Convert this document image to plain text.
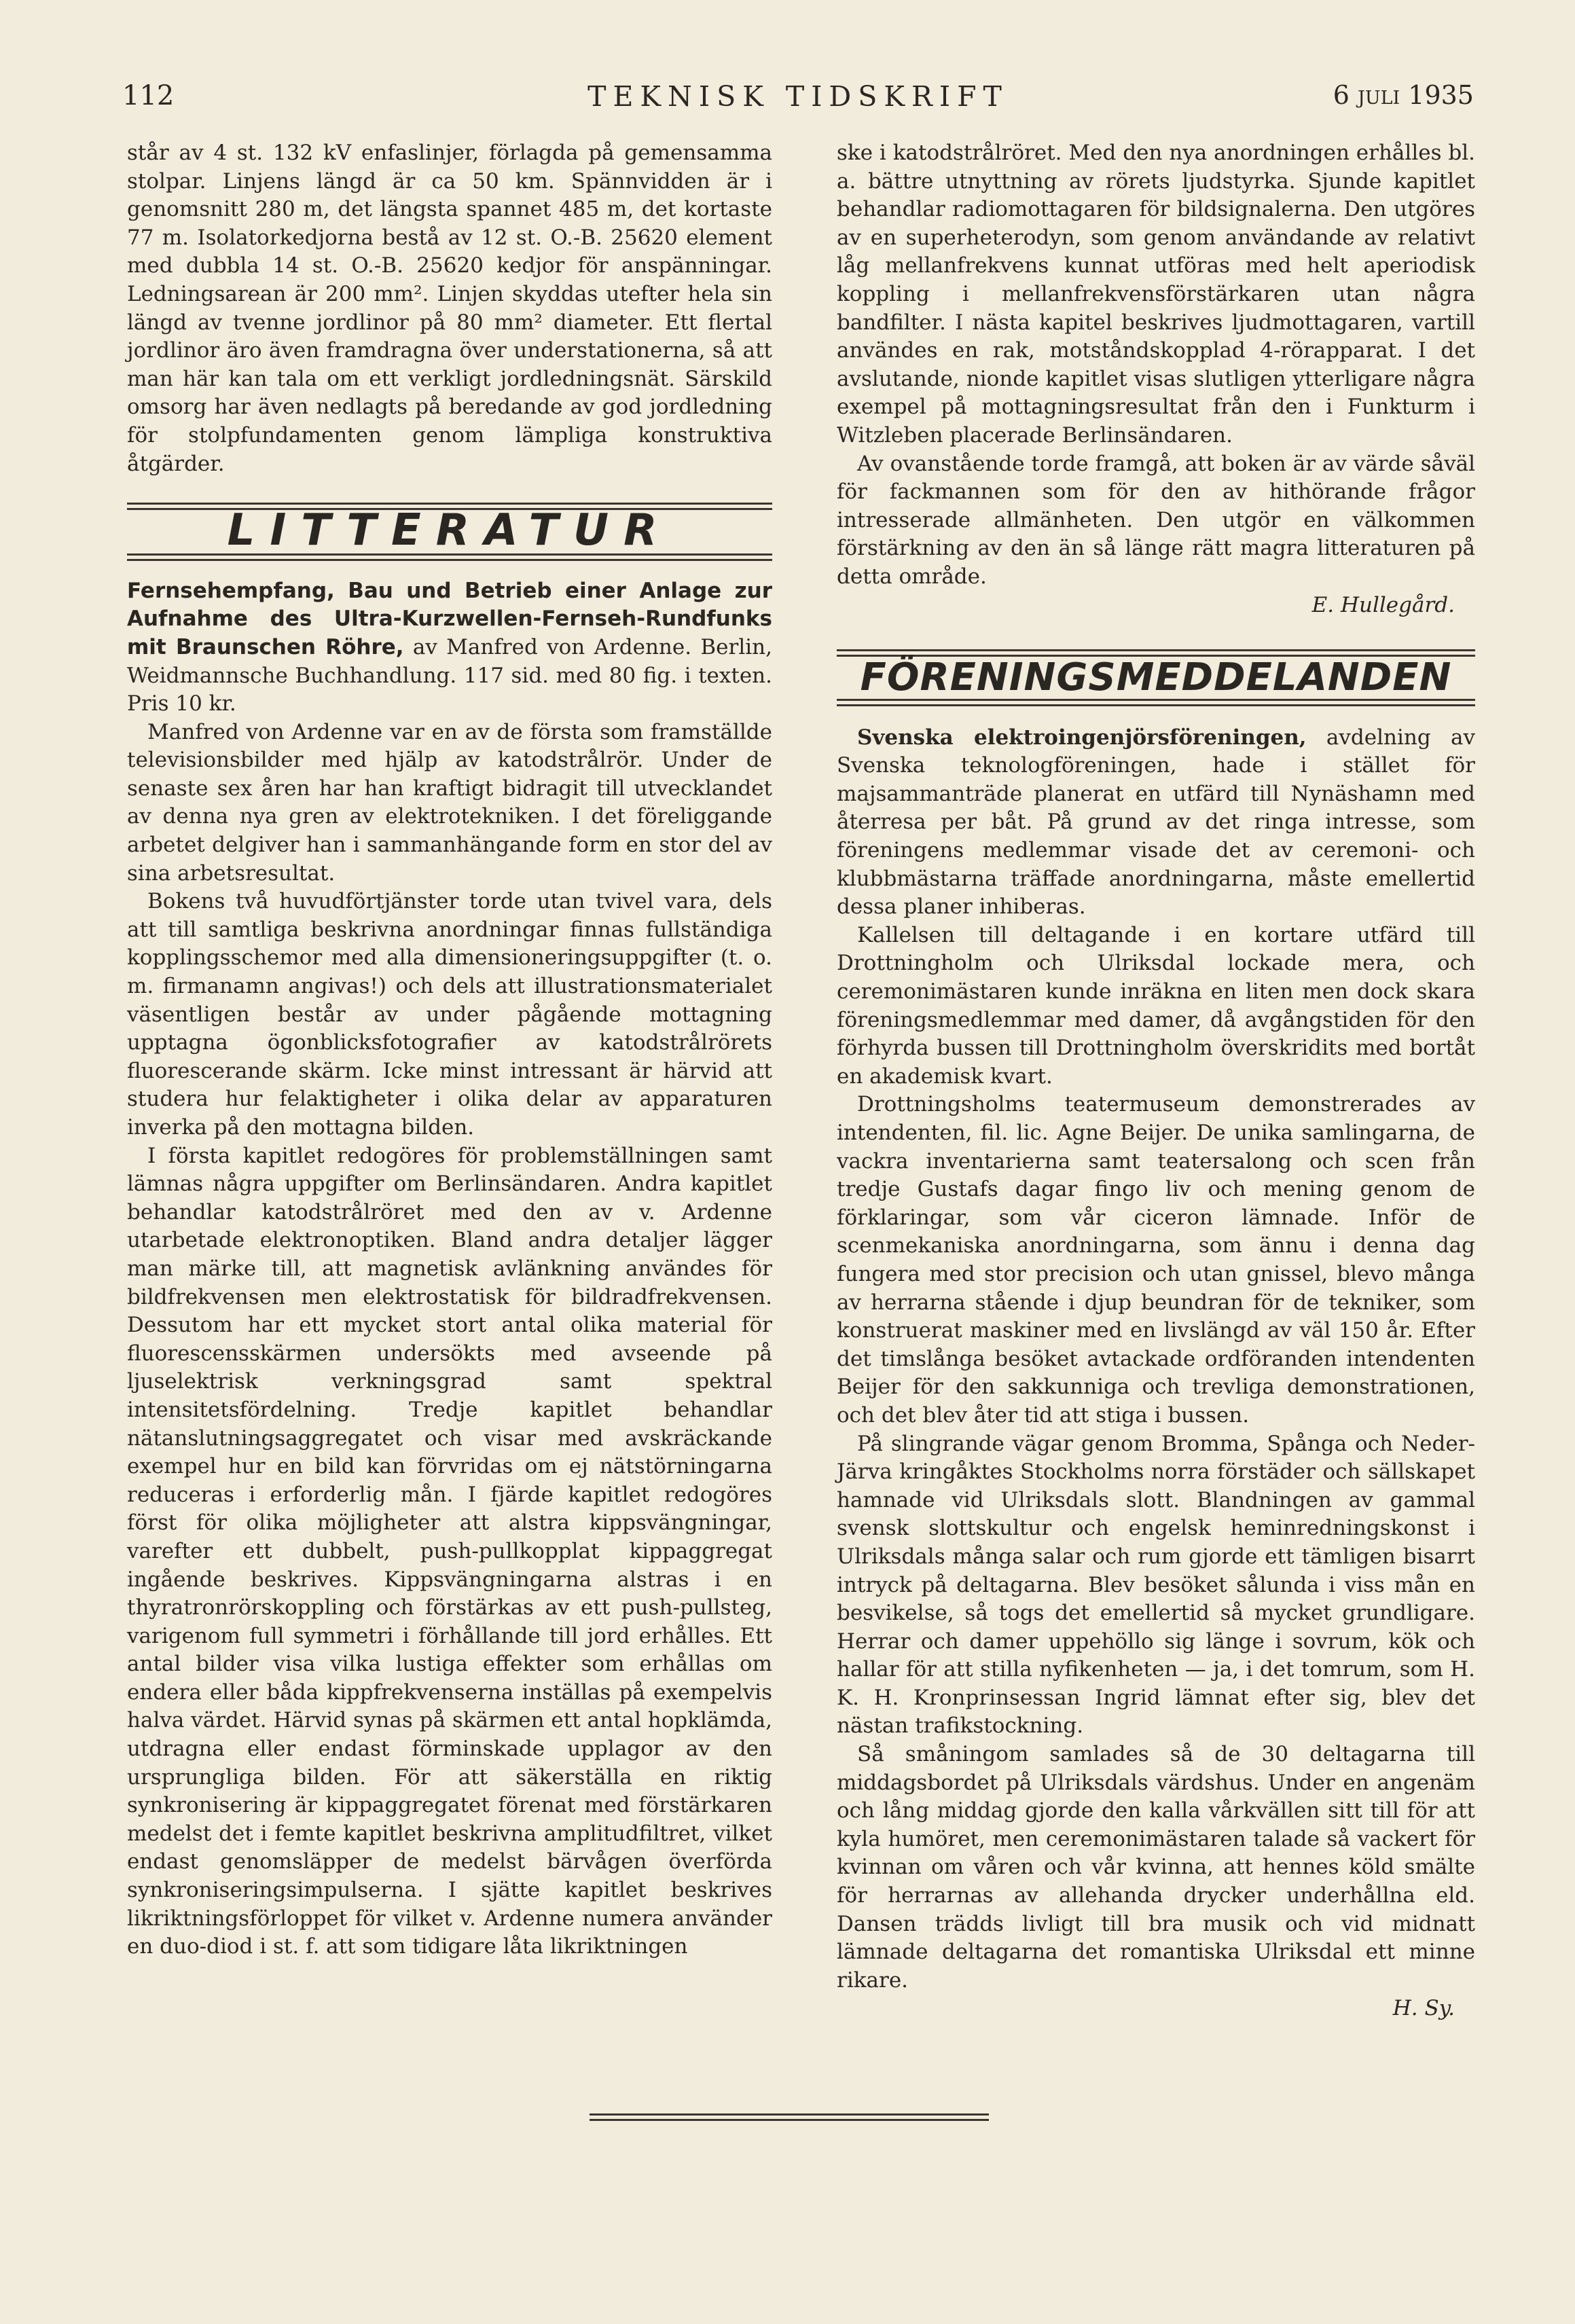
112	TEKNISK TIDSKRIFT	6 juli 1935

står av 4 st. 132 kV enfaslinjer, förlagda på gemensamma stolpar. Linjens längd är ca 50 km. Spännvidden är i genomsnitt 280 m, det längsta spannet 485 m, det kortaste 77 m. Isolatorkedjorna bestå av 12 st. O.-B. 25620 element med dubbla 14 st. O.-B. 25620 kedjor för anspänningar. Ledningsarean är 200 mm². Linjen skyddas utefter hela sin längd av tvenne jordlinor på 80 mm² diameter. Ett flertal jordlinor äro även framdragna över understationerna, så att man här kan tala om ett verkligt jordledningsnät. Särskild omsorg har även nedlagts på beredande av god jordledning för stolpfundamenten genom lämpliga konstruktiva åtgärder.

LITTERATUR

Fernsehempfang, Bau und Betrieb einer Anlage zur Aufnahme des Ultra-Kurzwellen-Fernseh-Rundfunks mit Braunschen Röhre, av Manfred von Ardenne. Berlin, Weidmannsche Buchhandlung. 117 sid. med 80 fig. i texten. Pris 10 kr.

Manfred von Ardenne var en av de första som framställde televisionsbilder med hjälp av katodstrålrör. Under de senaste sex åren har han kraftigt bidragit till utvecklandet av denna nya gren av elektrotekniken. I det föreliggande arbetet delgiver han i sammanhängande form en stor del av sina arbetsresultat.

Bokens två huvudförtjänster torde utan tvivel vara, dels att till samtliga beskrivna anordningar finnas fullständiga kopplingsschemor med alla dimensioneringsuppgifter (t. o. m. firmanamn angivas!) och dels att illustrationsmaterialet väsentligen består av under pågående mottagning upptagna ögonblicksfotografier av katodstrålrörets fluorescerande skärm. Icke minst intressant är härvid att studera hur felaktigheter i olika delar av apparaturen inverka på den mottagna bilden.

I första kapitlet redogöres för problemställningen samt lämnas några uppgifter om Berlinsändaren. Andra kapitlet behandlar katodstrålröret med den av v. Ardenne utarbetade elektronoptiken. Bland andra detaljer lägger man märke till, att magnetisk avlänkning användes för bildfrekvensen men elektrostatisk för bildradfrekvensen. Dessutom har ett mycket stort antal olika material för fluorescensskärmen undersökts med avseende på ljuselektrisk verkningsgrad samt spektral intensitetsfördelning. Tredje kapitlet behandlar nätanslutningsaggregatet och visar med avskräckande exempel hur en bild kan förvridas om ej nätstörningarna reduceras i erforderlig mån. I fjärde kapitlet redogöres först för olika möjligheter att alstra kippsvängningar, varefter ett dubbelt, push-pullkopplat kippaggregat ingående beskrives. Kippsvängningarna alstras i en thyratronrörskoppling och förstärkas av ett push-pullsteg, varigenom full symmetri i förhållande till jord erhålles. Ett antal bilder visa vilka lustiga effekter som erhållas om endera eller båda kippfrekvenserna inställas på exempelvis halva värdet. Härvid synas på skärmen ett antal hopklämda, utdragna eller endast förminskade upplagor av den ursprungliga bilden. För att säkerställa en riktig synkronisering är kippaggregatet förenat med förstärkaren medelst det i femte kapitlet beskrivna amplitudfiltret, vilket endast genomsläpper de medelst bärvågen överförda synkroniseringsimpulserna. I sjätte kapitlet beskrives likriktningsförloppet för vilket v. Ardenne numera använder en duo-diod i st. f. att som tidigare låta likriktningen

ske i katodstrålröret. Med den nya anordningen erhålles bl. a. bättre utnyttning av rörets ljudstyrka. Sjunde kapitlet behandlar radiomottagaren för bildsignalerna. Den utgöres av en superheterodyn, som genom användande av relativt låg mellanfrekvens kunnat utföras med helt aperiodisk koppling i mellanfrekvensförstärkaren utan några bandfilter. I nästa kapitel beskrives ljudmottagaren, vartill användes en rak, motståndskopplad 4-rörapparat. I det avslutande, nionde kapitlet visas slutligen ytterligare några exempel på mottagningsresultat från den i Funkturm i Witzleben placerade Berlinsändaren.

Av ovanstående torde framgå, att boken är av värde såväl för fackmannen som för den av hithörande frågor intresserade allmänheten. Den utgör en välkommen förstärkning av den än så länge rätt magra litteraturen på detta område.

E. Hullegård.

FÖRENINGSMEDDELANDEN

Svenska elektroingenjörsföreningen, avdelning av Svenska teknologföreningen, hade i stället för majsammanträde planerat en utfärd till Nynäshamn med återresa per båt. På grund av det ringa intresse, som föreningens medlemmar visade det av ceremoni- och klubbmästarna träffade anordningarna, måste emellertid dessa planer inhiberas.

Kallelsen till deltagande i en kortare utfärd till Drottningholm och Ulriksdal lockade mera, och ceremonimästaren kunde inräkna en liten men dock skara föreningsmedlemmar med damer, då avgångstiden för den förhyrda bussen till Drottningholm överskridits med bortåt en akademisk kvart.

Drottningsholms teatermuseum demonstrerades av intendenten, fil. lic. Agne Beijer. De unika samlingarna, de vackra inventarierna samt teatersalong och scen från tredje Gustafs dagar fingo liv och mening genom de förklaringar, som vår ciceron lämnade. Inför de scenmekaniska anordningarna, som ännu i denna dag fungera med stor precision och utan gnissel, blevo många av herrarna stående i djup beundran för de tekniker, som konstruerat maskiner med en livslängd av väl 150 år. Efter det timslånga besöket avtackade ordföranden intendenten Beijer för den sakkunniga och trevliga demonstrationen, och det blev åter tid att stiga i bussen.

På slingrande vägar genom Bromma, Spånga och Neder-Järva kringåktes Stockholms norra förstäder och sällskapet hamnade vid Ulriksdals slott. Blandningen av gammal svensk slottskultur och engelsk heminredningskonst i Ulriksdals många salar och rum gjorde ett tämligen bisarrt intryck på deltagarna. Blev besöket sålunda i viss mån en besvikelse, så togs det emellertid så mycket grundligare. Herrar och damer uppehöllo sig länge i sovrum, kök och hallar för att stilla nyfikenheten — ja, i det tomrum, som H. K. H. Kronprinsessan Ingrid lämnat efter sig, blev det nästan trafikstockning.

Så småningom samlades så de 30 deltagarna till middagsbordet på Ulriksdals värdshus. Under en angenäm och lång middag gjorde den kalla vårkvällen sitt till för att kyla humöret, men ceremonimästaren talade så vackert för kvinnan om våren och vår kvinna, att hennes köld smälte för herrarnas av allehanda drycker underhållna eld. Dansen trädds livligt till bra musik och vid midnatt lämnade deltagarna det romantiska Ulriksdal ett minne rikare.

H. Sy.
